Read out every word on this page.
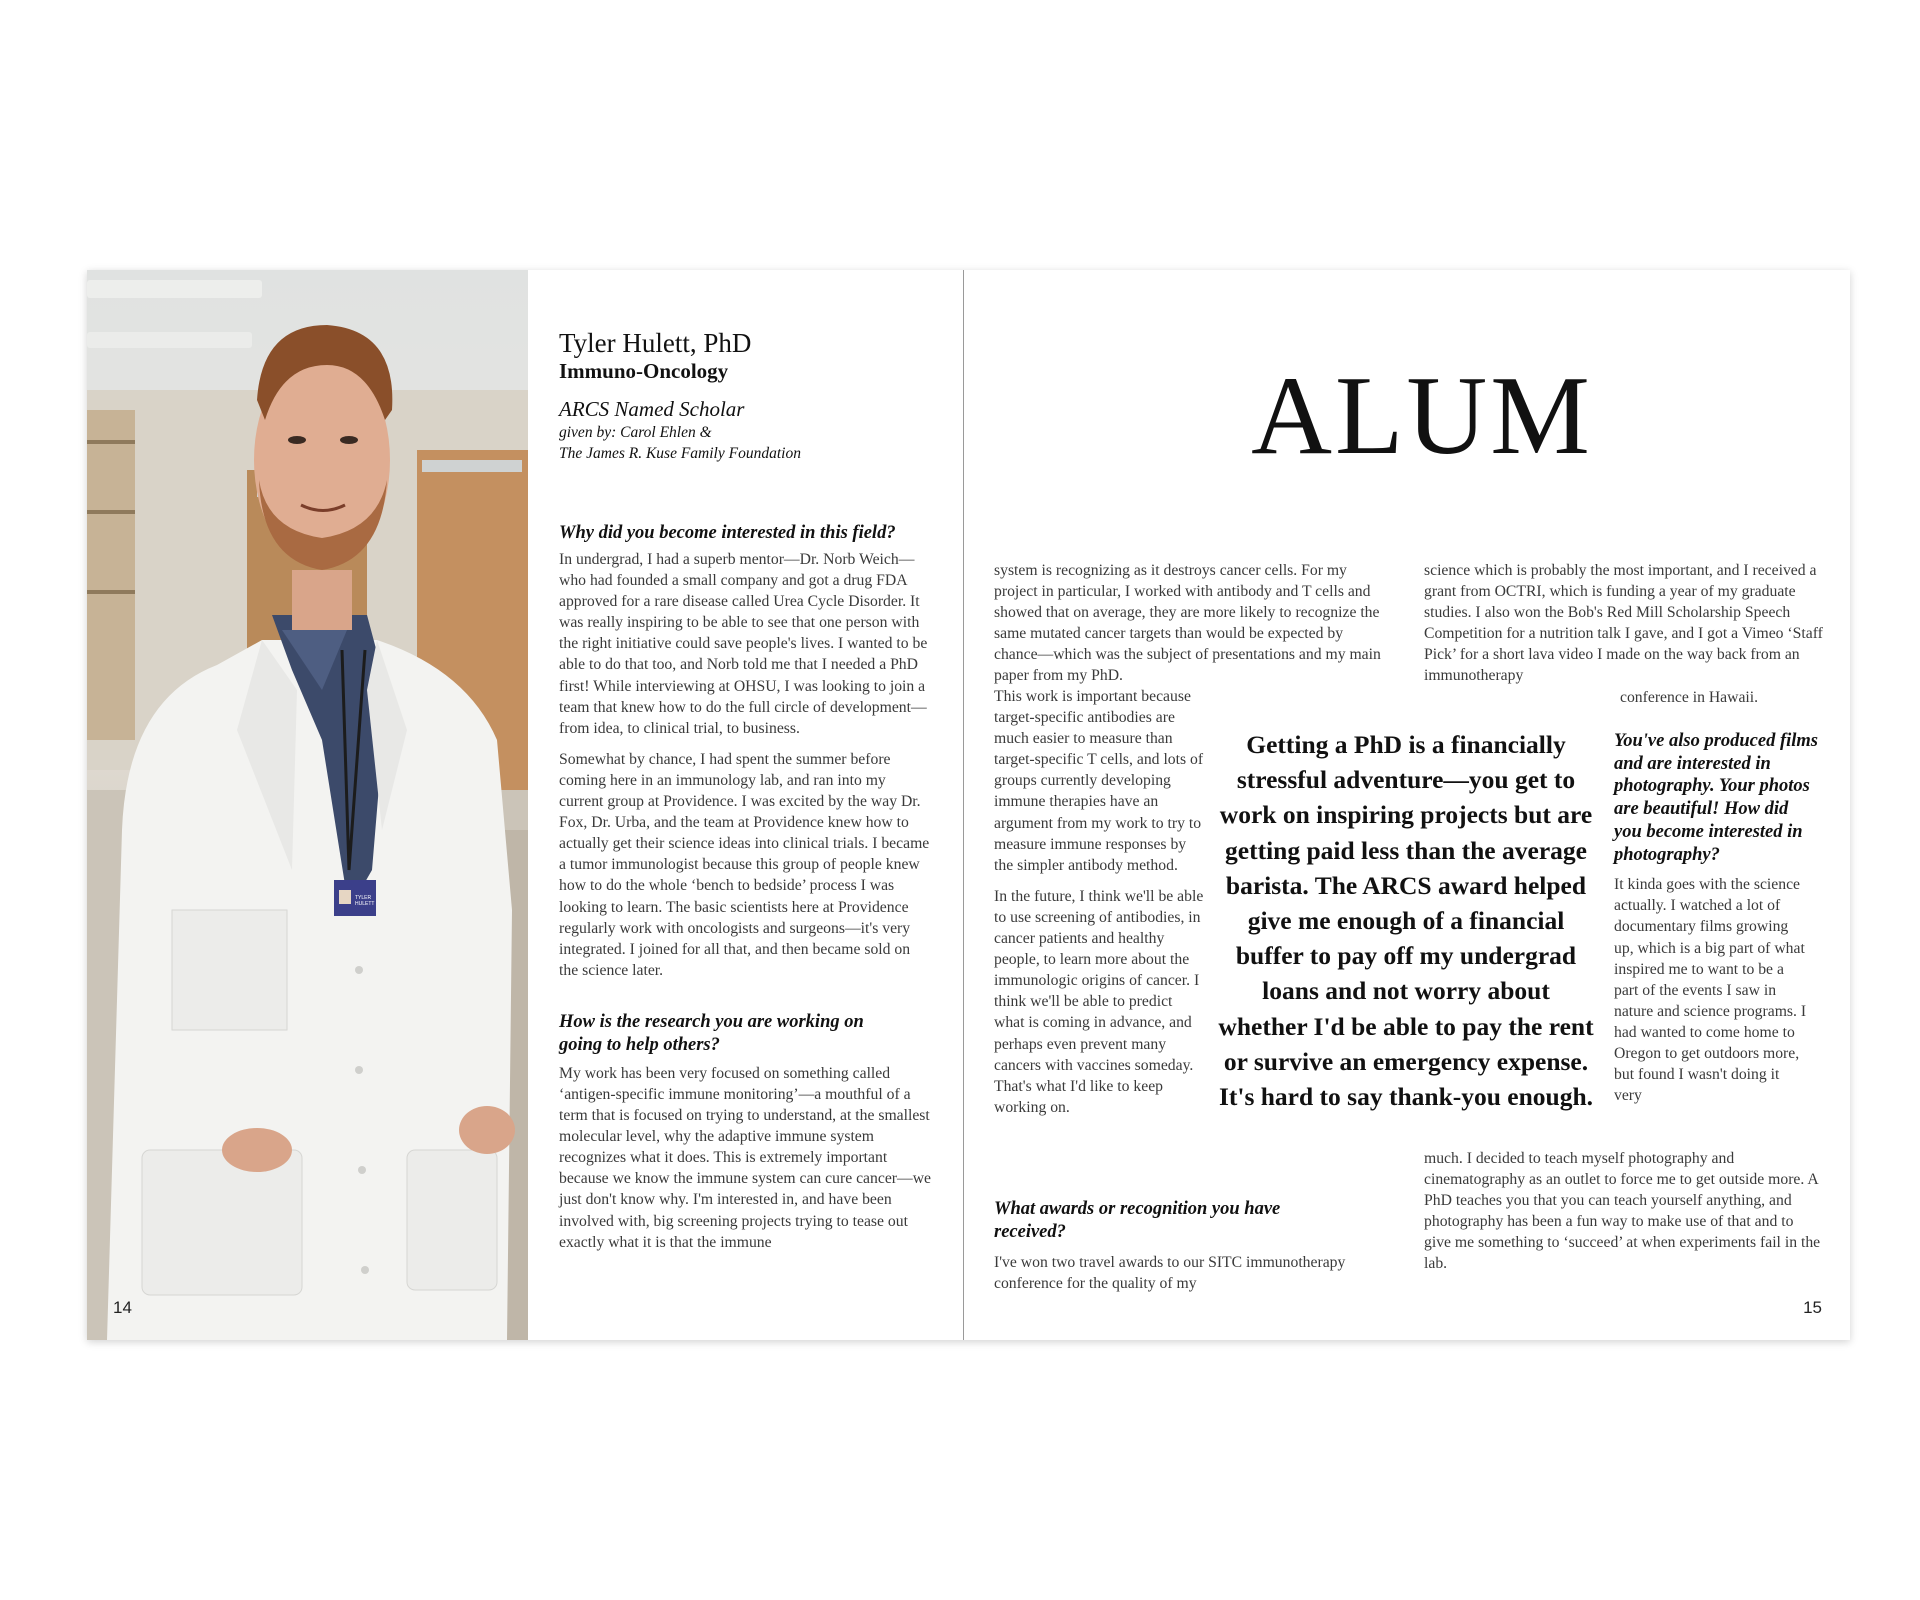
TYLER
HULETT
14
Tyler Hulett, PhD
Immuno-Oncology
ARCS Named Scholar
given by: Carol Ehlen &
The James R. Kuse Family Foundation
Why did you become interested in this field?

In undergrad, I had a superb mentor—Dr. Norb Weich—who had founded a small company and got a drug FDA approved for a rare disease called Urea Cycle Disorder. It was really inspiring to be able to see that one person with the right initiative could save people's lives. I wanted to be able to do that too, and Norb told me that I needed a PhD first! While interviewing at OHSU, I was looking to join a team that knew how to do the full circle of development—from idea, to clinical trial, to business.

Somewhat by chance, I had spent the summer before coming here in an immunology lab, and ran into my current group at Providence. I was excited by the way Dr. Fox, Dr. Urba, and the team at Providence knew how to actually get their science ideas into clinical trials. I became a tumor immunologist because this group of people knew how to do the whole ‘bench to bedside’ process I was looking to learn. The basic scientists here at Providence regularly work with oncologists and surgeons—it's very integrated. I joined for all that, and then became sold on the science later.

How is the research you are working on going to help others?

My work has been very focused on something called ‘antigen-specific immune monitoring’—a mouthful of a term that is focused on trying to understand, at the smallest molecular level, why the adaptive immune system recognizes what it does. This is extremely important because we know the immune system can cure cancer—we just don't know why. I'm interested in, and have been involved with, big screening projects trying to tease out exactly what it is that the immune

ALUM

system is recognizing as it destroys cancer cells. For my project in particular, I worked with antibody and T cells and showed that on average, they are more likely to recognize the same mutated cancer targets than would be expected by chance—which was the subject of presentations and my main paper from my PhD.

This work is important because target-specific antibodies are much easier to measure than target-specific T cells, and lots of groups currently developing immune therapies have an argument from my work to try to measure immune responses by the simpler antibody method.

In the future, I think we'll be able to use screening of antibodies, in cancer patients and healthy people, to learn more about the immunologic origins of cancer. I think we'll be able to predict what is coming in advance, and perhaps even prevent many cancers with vaccines someday. That's what I'd like to keep working on.

What awards or recognition you have received?

I've won two travel awards to our SITC immunotherapy conference for the quality of my

science which is probably the most important, and I received a grant from OCTRI, which is funding a year of my graduate studies. I also won the Bob's Red Mill Scholarship Speech Competition for a nutrition talk I gave, and I got a Vimeo ‘Staff Pick’ for a short lava video I made on the way back from an immunotherapy

conference in Hawaii.

Getting a PhD is a financially stressful adventure—you get to work on inspiring projects but are getting paid less than the average barista. The ARCS award helped give me enough of a financial buffer to pay off my undergrad loans and not worry about whether I'd be able to pay the rent or survive an emergency expense. It's hard to say thank-you enough.
You've also produced films and are interested in photography. Your photos are beautiful! How did you become interested in photography?

It kinda goes with the science actually. I watched a lot of documentary films growing up, which is a big part of what inspired me to want to be a part of the events I saw in nature and science programs. I had wanted to come home to Oregon to get outdoors more, but found I wasn't doing it very

much. I decided to teach myself photography and cinematography as an outlet to force me to get outside more. A PhD teaches you that you can teach yourself anything, and photography has been a fun way to make use of that and to give me something to ‘succeed’ at when experiments fail in the lab.

15
